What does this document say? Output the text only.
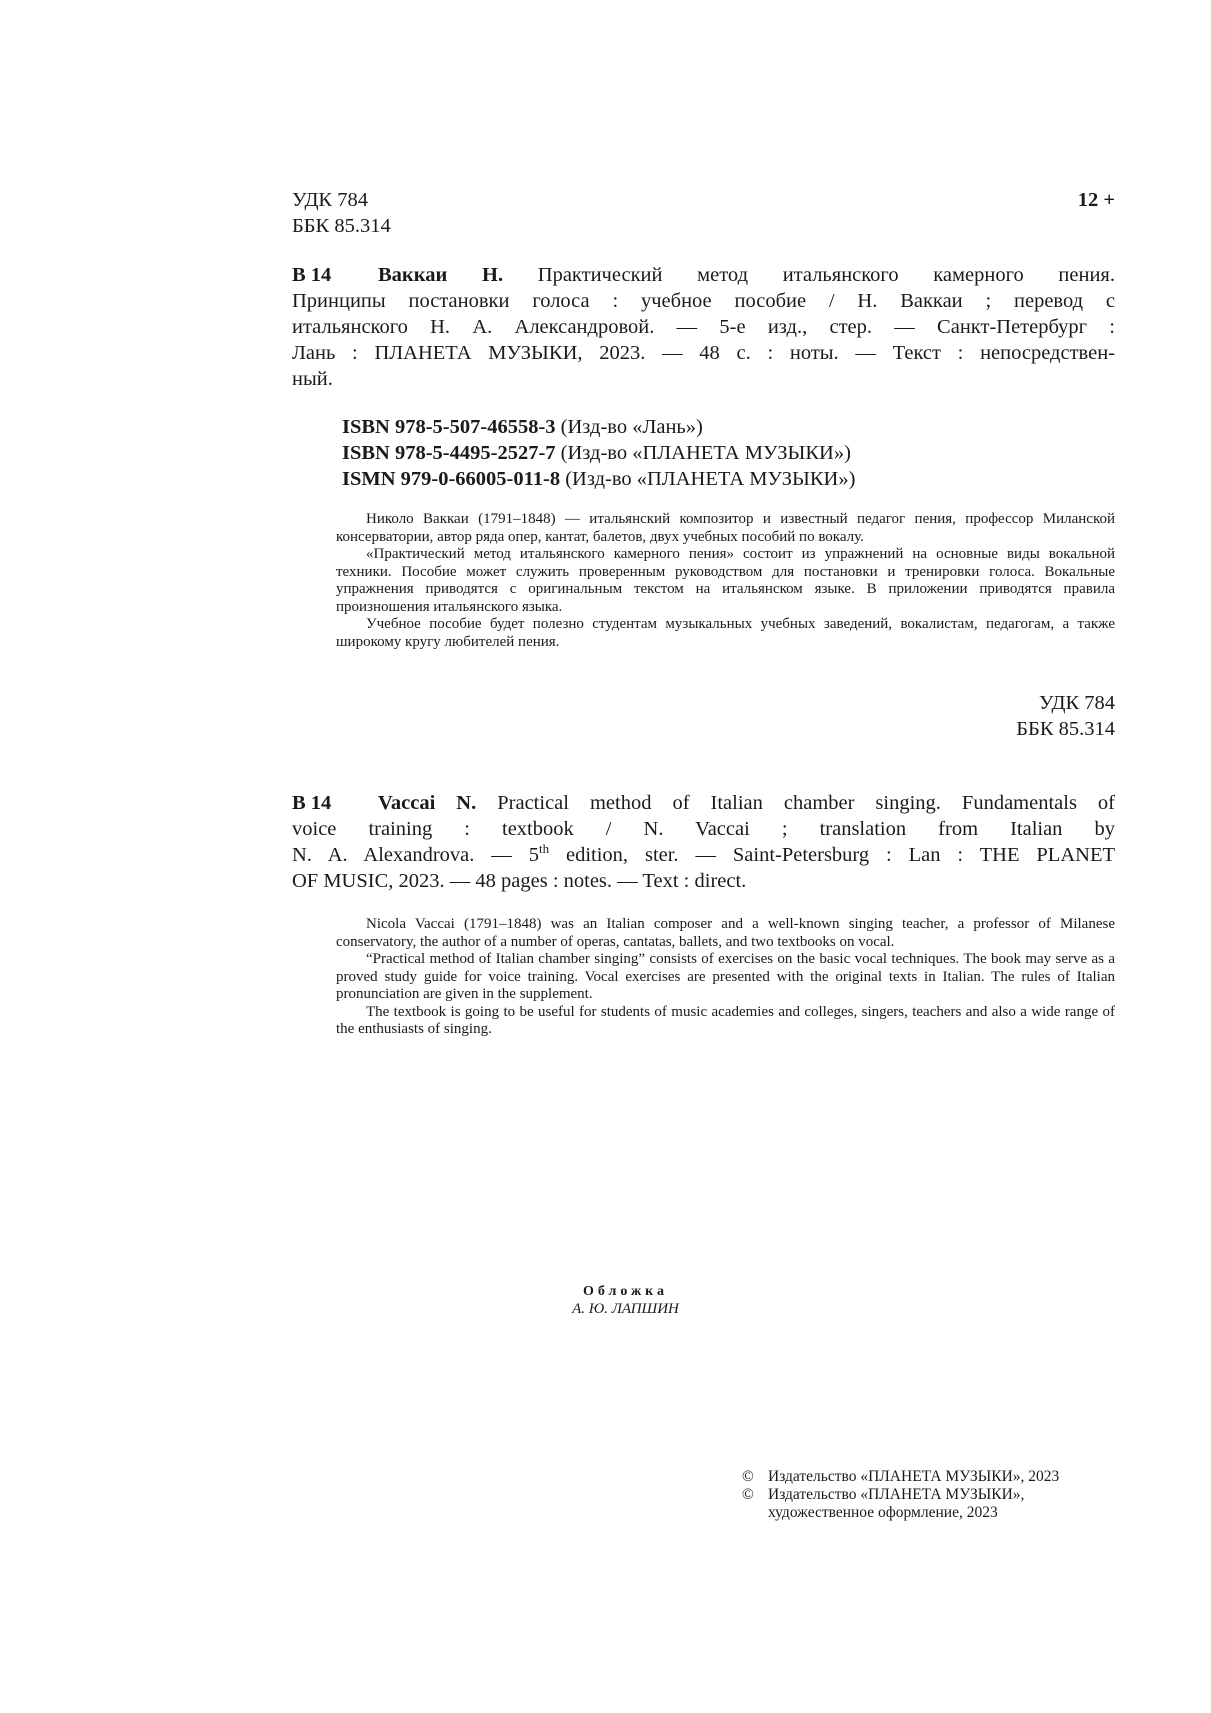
УДК 784
ББК 85.314
12 +
В 14 Ваккаи Н. Практический метод итальянского камерного пения.
Принципы постановки голоса : учебное пособие / Н. Ваккаи ; перевод с
итальянского Н. А. Александровой. — 5-е изд., стер. — Санкт-Петербург :
Лань : ПЛАНЕТА МУЗЫКИ, 2023. — 48 с. : ноты. — Текст : непосредствен-
ный.
ISBN 978-5-507-46558-3 (Изд-во «Лань»)
ISBN 978-5-4495-2527-7 (Изд-во «ПЛАНЕТА МУЗЫКИ»)
ISMN 979-0-66005-011-8 (Изд-во «ПЛАНЕТА МУЗЫКИ»)

Николо Ваккаи (1791–1848) — итальянский композитор и известный педагог пения, профессор Миланской консерватории, автор ряда опер, кантат, балетов, двух учебных пособий по вокалу.

«Практический метод итальянского камерного пения» состоит из упражнений на основные виды вокальной техники. Пособие может служить проверенным руководством для постановки и тренировки голоса. Вокальные упражнения приводятся с оригинальным текстом на итальянском языке. В приложении приводятся правила произношения итальянского языка.

Учебное пособие будет полезно студентам музыкальных учебных заведений, вокалистам, педагогам, а также широкому кругу любителей пения.

УДК 784
ББК 85.314
В 14 Vaccai N. Practical method of Italian chamber singing. Fundamentals of
voice training : textbook / N. Vaccai ; translation from Italian by
N. A. Alexandrova. — 5th edition, ster. — Saint-Petersburg : Lan : THE PLANET
OF MUSIC, 2023. — 48 pages : notes. — Text : direct.

Nicola Vaccai (1791–1848) was an Italian composer and a well-known singing teacher, a professor of Milanese conservatory, the author of a number of operas, cantatas, ballets, and two textbooks on vocal.

“Practical method of Italian chamber singing” consists of exercises on the basic vocal techniques. The book may serve as a proved study guide for voice training. Vocal exercises are presented with the original texts in Italian. The rules of Italian pronunciation are given in the supplement.

The textbook is going to be useful for students of music academies and colleges, singers, teachers and also a wide range of the enthusiasts of singing.

Обложка
А. Ю. ЛАПШИН
© Издательство «ПЛАНЕТА МУЗЫКИ», 2023
© Издательство «ПЛАНЕТА МУЗЫКИ»,
художественное оформление, 2023
